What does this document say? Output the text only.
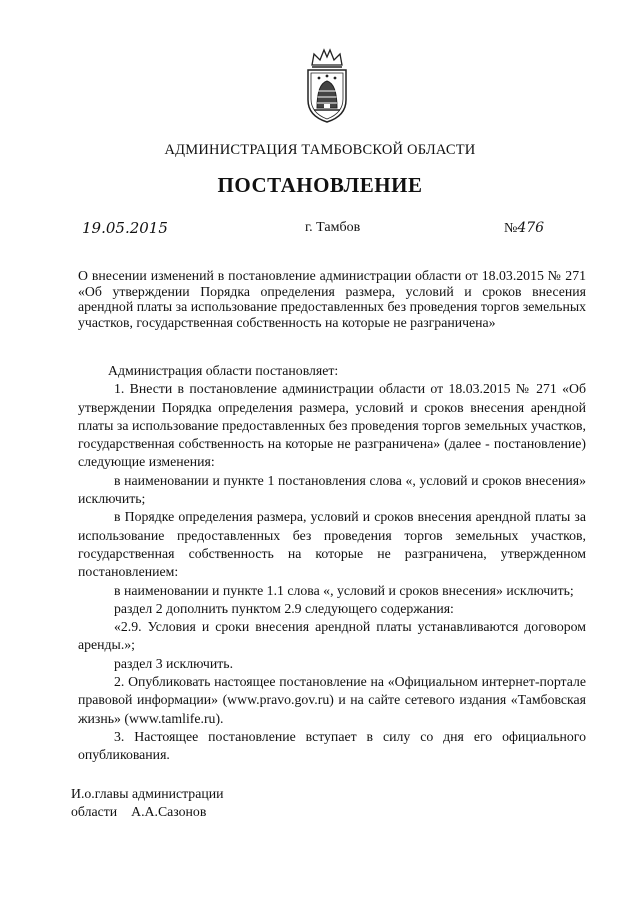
АДМИНИСТРАЦИЯ ТАМБОВСКОЙ ОБЛАСТИ
ПОСТАНОВЛЕНИЕ
19.05.2015	г. Тамбов	№476
О внесении изменений в постановление администрации области от 18.03.2015 № 271 «Об утверждении Порядка определения размера, условий и сроков внесения арендной платы за использование предоставленных без проведения торгов земельных участков, государственная собственность на которые не разграничена»

Администрация области постановляет:

1. Внести в постановление администрации области от 18.03.2015 № 271 «Об утверждении Порядка определения размера, условий и сроков внесения арендной платы за использование предоставленных без проведения торгов земельных участков, государственная собственность на которые не разграничена» (далее - постановление) следующие изменения:

в наименовании и пункте 1 постановления слова «, условий и сроков внесения» исключить;

в Порядке определения размера, условий и сроков внесения арендной платы за использование предоставленных без проведения торгов земельных участков, государственная собственность на которые не разграничена, утвержденном постановлением:

в наименовании и пункте 1.1 слова «, условий и сроков внесения» исключить;

раздел 2 дополнить пунктом 2.9 следующего содержания:

«2.9. Условия и сроки внесения арендной платы устанавливаются договором аренды.»;

раздел 3 исключить.

2. Опубликовать настоящее постановление на «Официальном интернет-портале правовой информации» (www.pravo.gov.ru) и на сайте сетевого издания «Тамбовская жизнь» (www.tamlife.ru).

3. Настоящее постановление вступает в силу со дня его официального опубликования.

И.о.главы администрации
области А.А.Сазонов
